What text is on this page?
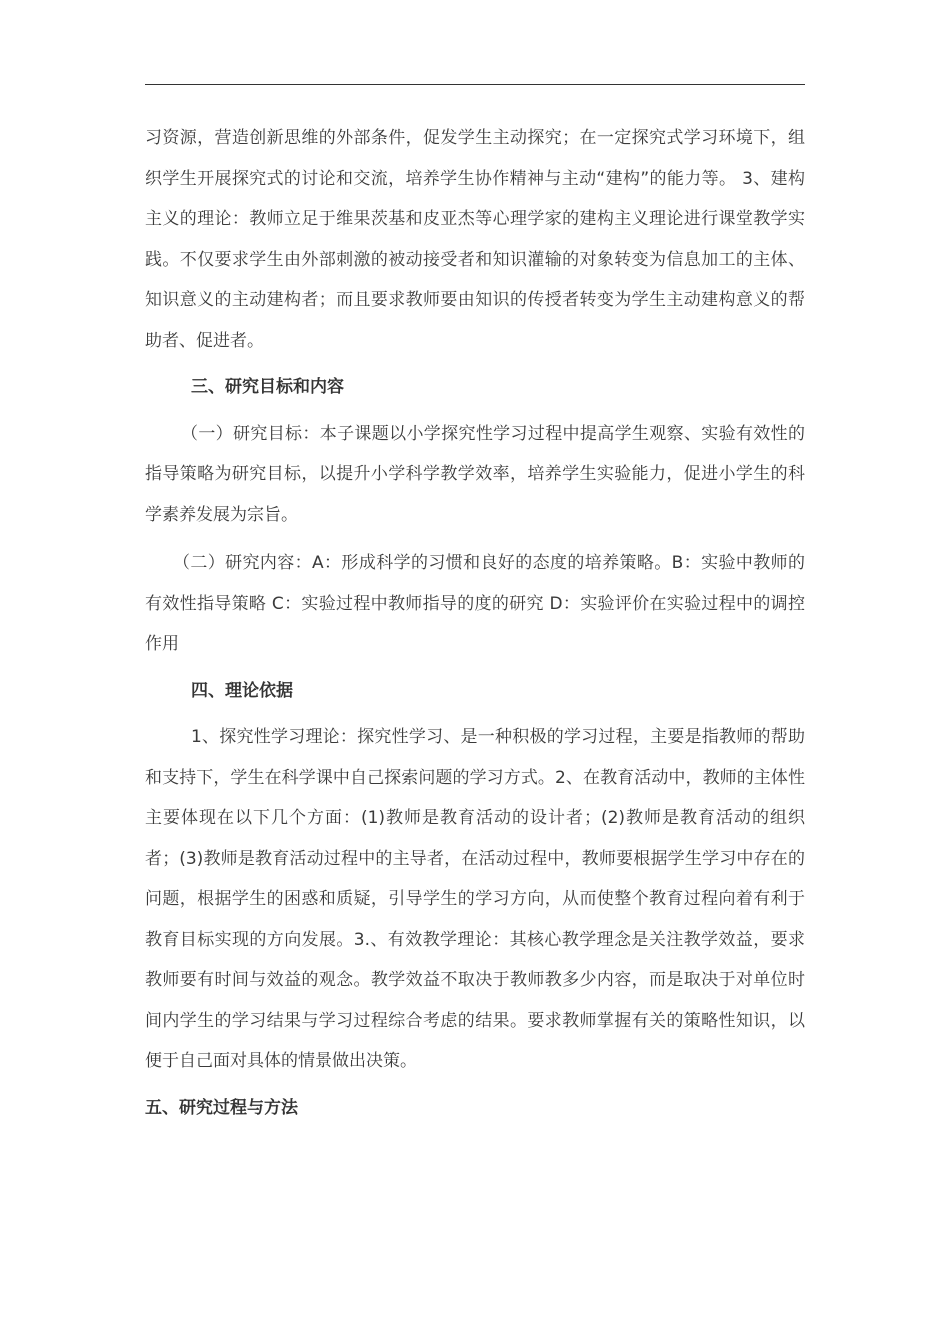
习资源，营造创新思维的外部条件，促发学生主动探究；在一定探究式学习环境下，组织学生开展探究式的讨论和交流，培养学生协作精神与主动“建构”的能力等。 3、建构主义的理论：教师立足于维果茨基和皮亚杰等心理学家的建构主义理论进行课堂教学实践。不仅要求学生由外部刺激的被动接受者和知识灌输的对象转变为信息加工的主体、知识意义的主动建构者；而且要求教师要由知识的传授者转变为学生主动建构意义的帮助者、促进者。

三、研究目标和内容

（一）研究目标：本子课题以小学探究性学习过程中提高学生观察、实验有效性的指导策略为研究目标，以提升小学科学教学效率，培养学生实验能力，促进小学生的科学素养发展为宗旨。

（二）研究内容：A：形成科学的习惯和良好的态度的培养策略。B：实验中教师的有效性指导策略 C：实验过程中教师指导的度的研究 D：实验评价在实验过程中的调控作用

四、理论依据

1、探究性学习理论：探究性学习、是一种积极的学习过程，主要是指教师的帮助和支持下，学生在科学课中自己探索问题的学习方式。2、在教育活动中，教师的主体性主要体现在以下几个方面：(1)教师是教育活动的设计者；(2)教师是教育活动的组织者；(3)教师是教育活动过程中的主导者，在活动过程中，教师要根据学生学习中存在的问题，根据学生的困惑和质疑，引导学生的学习方向，从而使整个教育过程向着有利于教育目标实现的方向发展。3.、有效教学理论：其核心教学理念是关注教学效益，要求教师要有时间与效益的观念。教学效益不取决于教师教多少内容，而是取决于对单位时间内学生的学习结果与学习过程综合考虑的结果。要求教师掌握有关的策略性知识，以便于自己面对具体的情景做出决策。

五、研究过程与方法
